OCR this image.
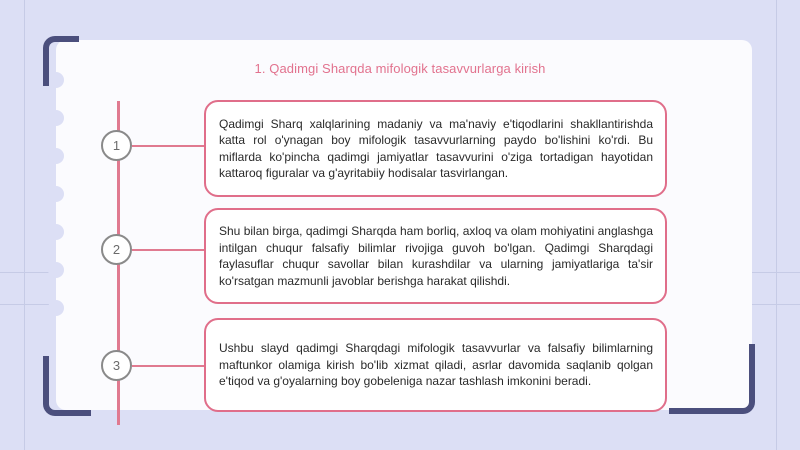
1. Qadimgi Sharqda mifologik tasavvurlarga kirish
1

Qadimgi Sharq xalqlarining madaniy va ma'naviy e'tiqodlarini shakllantirishda katta rol o'ynagan boy mifologik tasavvurlarning paydo bo'lishini ko'rdi. Bu miflarda ko'pincha qadimgi jamiyatlar tasavvurini o'ziga tortadigan hayotidan kattaroq figuralar va g'ayritabiiy hodisalar tasvirlangan.

2

Shu bilan birga, qadimgi Sharqda ham borliq, axloq va olam mohiyatini anglashga intilgan chuqur falsafiy bilimlar rivojiga guvoh bo'lgan. Qadimgi Sharqdagi faylasuflar chuqur savollar bilan kurashdilar va ularning jamiyatlariga ta'sir ko'rsatgan mazmunli javoblar berishga harakat qilishdi.

3

Ushbu slayd qadimgi Sharqdagi mifologik tasavvurlar va falsafiy bilimlarning maftunkor olamiga kirish bo'lib xizmat qiladi, asrlar davomida saqlanib qolgan e'tiqod va g'oyalarning boy gobeleniga nazar tashlash imkonini beradi.
